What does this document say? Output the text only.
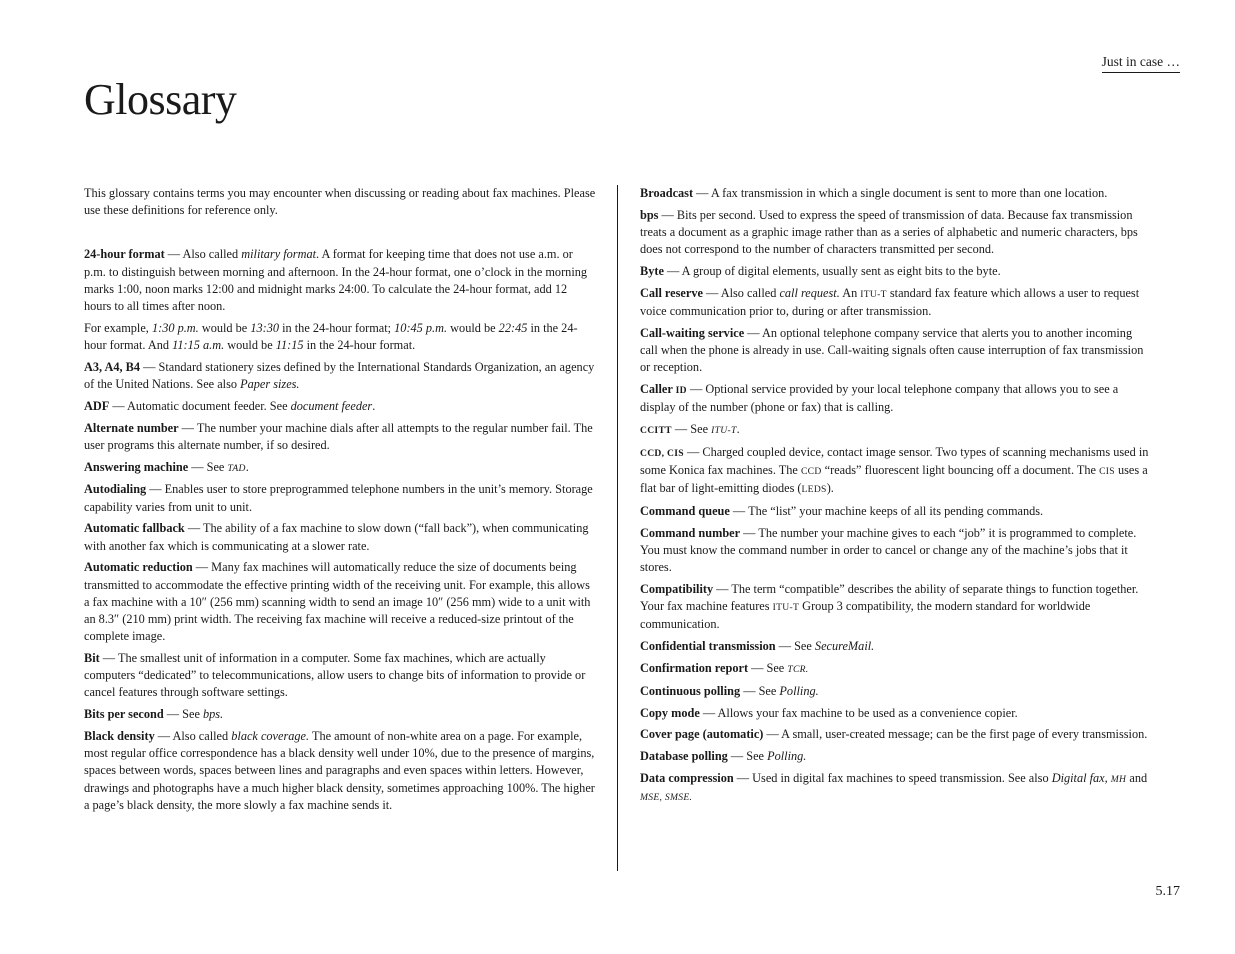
Just in case …
Glossary

This glossary contains terms you may encounter when discussing or reading about fax machines. Please use these definitions for reference only.

24-hour format — Also called military format. A format for keeping time that does not use a.m. or p.m. to distinguish between morning and afternoon. In the 24-hour format, one o’clock in the morning marks 1:00, noon marks 12:00 and midnight marks 24:00. To calculate the 24-hour format, add 12 hours to all times after noon.

For example, 1:30 p.m. would be 13:30 in the 24-hour format; 10:45 p.m. would be 22:45 in the 24-hour format. And 11:15 a.m. would be 11:15 in the 24-hour format.

A3, A4, B4 — Standard stationery sizes defined by the International Standards Organization, an agency of the United Nations. See also Paper sizes.

ADF — Automatic document feeder. See document feeder.

Alternate number — The number your machine dials after all attempts to the regular number fail. The user programs this alternate number, if so desired.

Answering machine — See TAD.

Autodialing — Enables user to store preprogrammed telephone numbers in the unit’s memory. Storage capability varies from unit to unit.

Automatic fallback — The ability of a fax machine to slow down (“fall back”), when communicating with another fax which is communicating at a slower rate.

Automatic reduction — Many fax machines will automatically reduce the size of documents being transmitted to accommodate the effective printing width of the receiving unit. For example, this allows a fax machine with a 10″ (256 mm) scanning width to send an image 10″ (256 mm) wide to a unit with an 8.3″ (210 mm) print width. The receiving fax machine will receive a reduced-size printout of the complete image.

Bit — The smallest unit of information in a computer. Some fax machines, which are actually computers “dedicated” to telecommunications, allow users to change bits of information to provide or cancel features through software settings.

Bits per second — See bps.

Black density — Also called black coverage. The amount of non-white area on a page. For example, most regular office correspondence has a black density well under 10%, due to the presence of margins, spaces between words, spaces between lines and paragraphs and even spaces within letters. However, drawings and photographs have a much higher black density, sometimes approaching 100%. The higher a page’s black density, the more slowly a fax machine sends it.

Broadcast — A fax transmission in which a single document is sent to more than one location.

bps — Bits per second. Used to express the speed of transmission of data. Because fax transmission treats a document as a graphic image rather than as a series of alphabetic and numeric characters, bps does not correspond to the number of characters transmitted per second.

Byte — A group of digital elements, usually sent as eight bits to the byte.

Call reserve — Also called call request. An ITU-T standard fax feature which allows a user to request voice communication prior to, during or after transmission.

Call-waiting service — An optional telephone company service that alerts you to another incoming call when the phone is already in use. Call-waiting signals often cause interruption of fax transmission or reception.

Caller ID — Optional service provided by your local telephone company that allows you to see a display of the number (phone or fax) that is calling.

CCITT — See ITU-T.

CCD, CIS — Charged coupled device, contact image sensor. Two types of scanning mechanisms used in some Konica fax machines. The CCD “reads” fluorescent light bouncing off a document. The CIS uses a flat bar of light-emitting diodes (LEDS).

Command queue — The “list” your machine keeps of all its pending commands.

Command number — The number your machine gives to each “job” it is programmed to complete. You must know the command number in order to cancel or change any of the machine’s jobs that it stores.

Compatibility — The term “compatible” describes the ability of separate things to function together. Your fax machine features ITU-T Group 3 compatibility, the modern standard for worldwide communication.

Confidential transmission — See SecureMail.

Confirmation report — See TCR.

Continuous polling — See Polling.

Copy mode — Allows your fax machine to be used as a convenience copier.

Cover page (automatic) — A small, user-created message; can be the first page of every transmission.

Database polling — See Polling.

Data compression — Used in digital fax machines to speed transmission. See also Digital fax, MH and MSE, SMSE.

5.17
